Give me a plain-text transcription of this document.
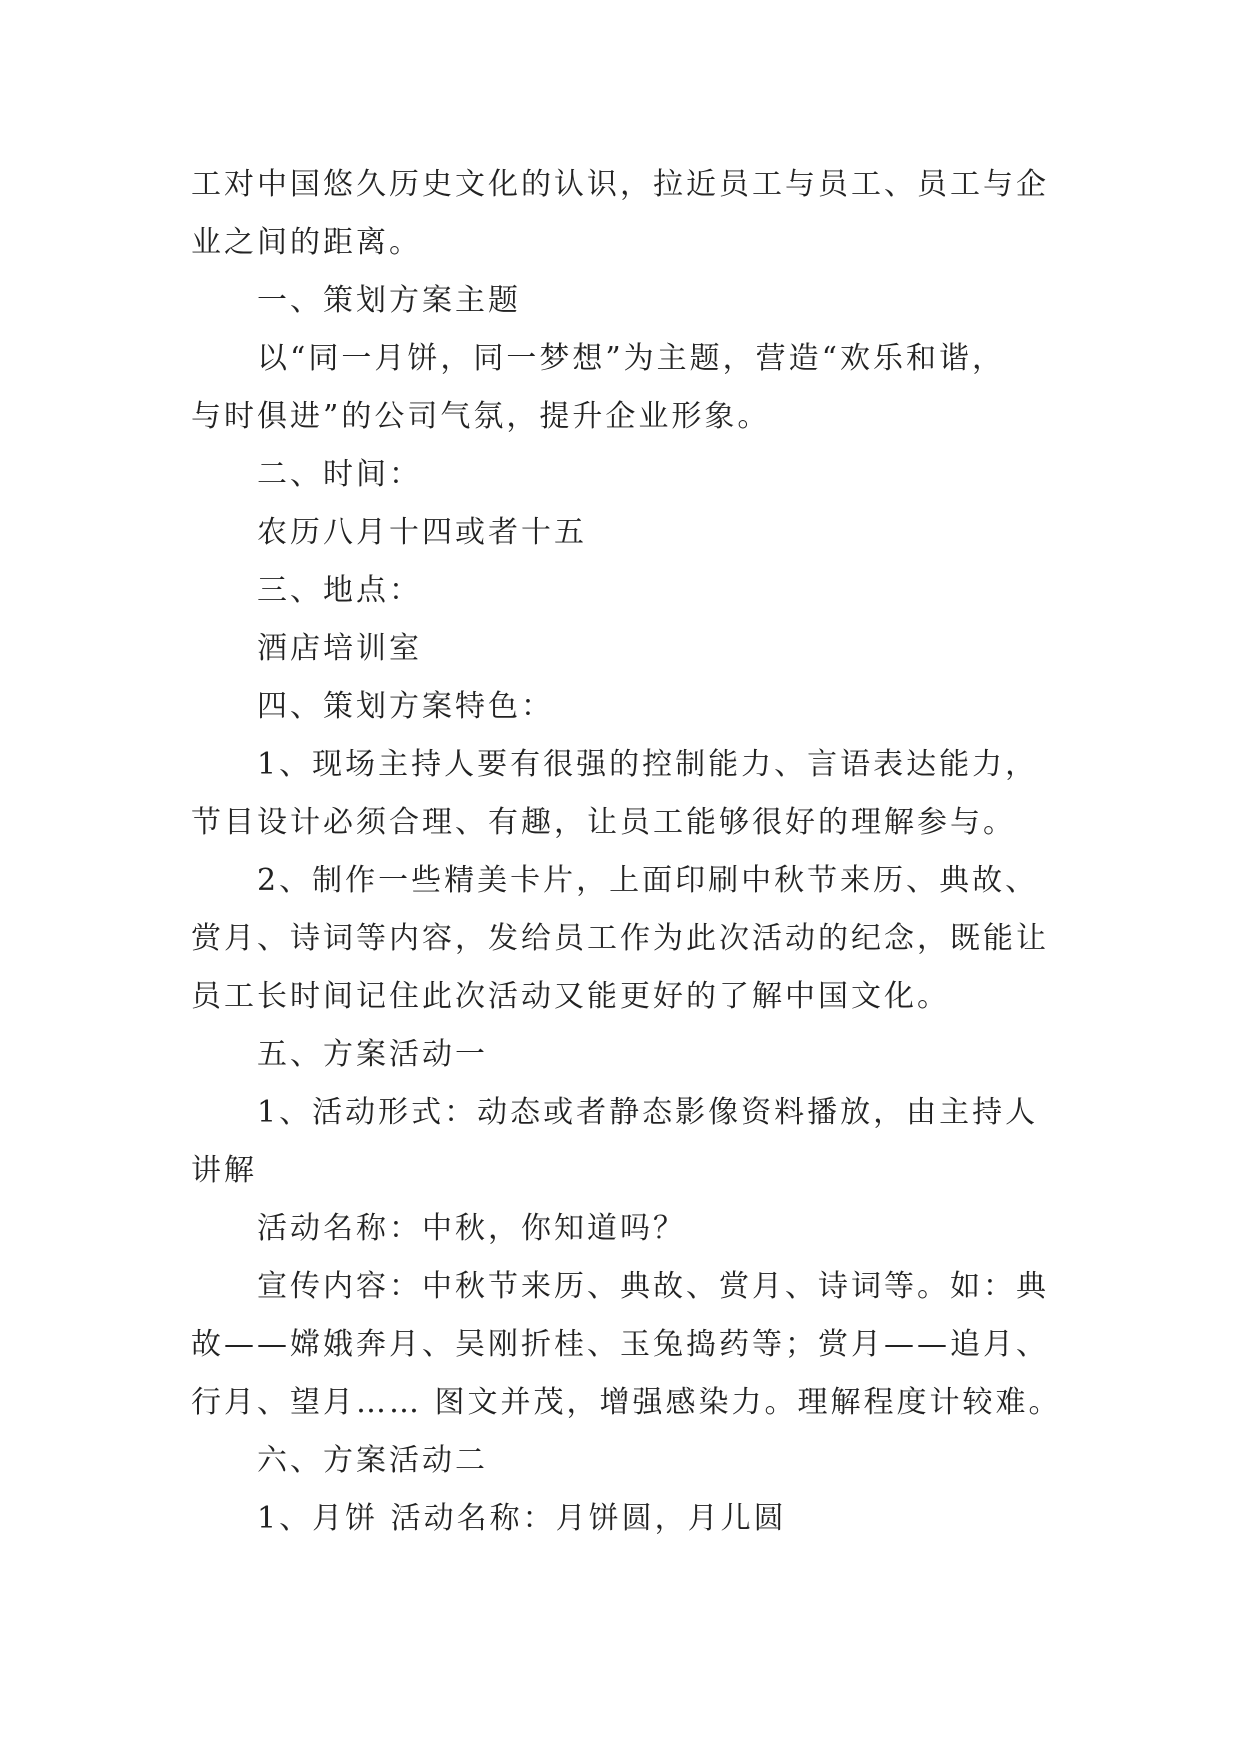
工对中国悠久历史文化的认识，拉近员工与员工、员工与企
业之间的距离。
一、策划方案主题
以“同一月饼，同一梦想”为主题，营造“欢乐和谐，
与时俱进”的公司气氛，提升企业形象。
二、时间：
农历八月十四或者十五
三、地点：
酒店培训室
四、策划方案特色：
1、现场主持人要有很强的控制能力、言语表达能力，
节目设计必须合理、有趣，让员工能够很好的理解参与。
2、制作一些精美卡片，上面印刷中秋节来历、典故、
赏月、诗词等内容，发给员工作为此次活动的纪念，既能让
员工长时间记住此次活动又能更好的了解中国文化。
五、方案活动一
1、活动形式：动态或者静态影像资料播放，由主持人
讲解
活动名称：中秋，你知道吗？
宣传内容：中秋节来历、典故、赏月、诗词等。如：典
故——嫦娥奔月、吴刚折桂、玉兔捣药等；赏月——追月、
行月、望月…… 图文并茂，增强感染力。理解程度计较难。
六、方案活动二
1、月饼 活动名称：月饼圆，月儿圆
